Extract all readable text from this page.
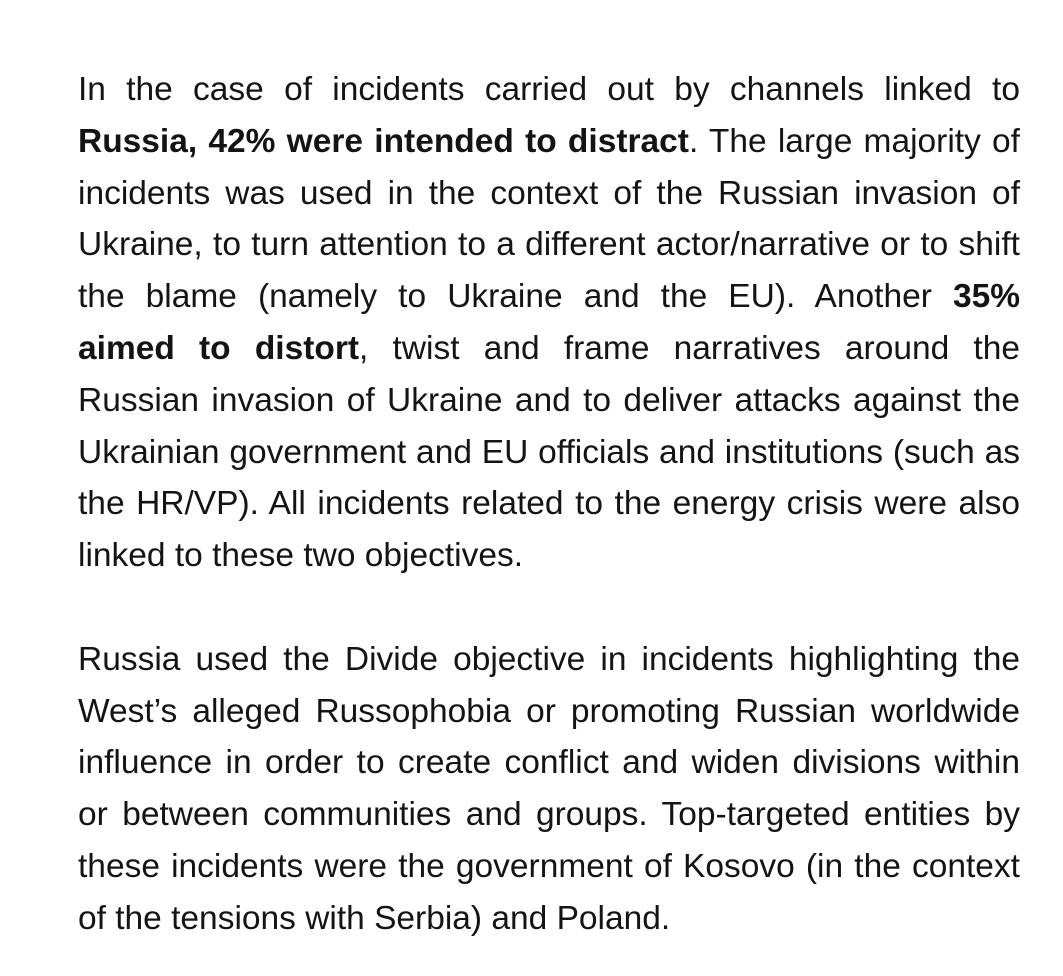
In the case of incidents carried out by channels linked to Russia, 42% were intended to distract. The large majority of incidents was used in the context of the Russian invasion of Ukraine, to turn attention to a different actor/narrative or to shift the blame (namely to Ukraine and the EU). Another 35% aimed to distort, twist and frame narratives around the Russian invasion of Ukraine and to deliver attacks against the Ukrainian government and EU officials and institutions (such as the HR/VP). All incidents related to the energy crisis were also linked to these two objectives.

Russia used the Divide objective in incidents highlighting the West’s alleged Russophobia or promoting Russian worldwide influence in order to create conflict and widen divisions within or between communities and groups. Top-targeted entities by these incidents were the government of Kosovo (in the context of the tensions with Serbia) and Poland.
